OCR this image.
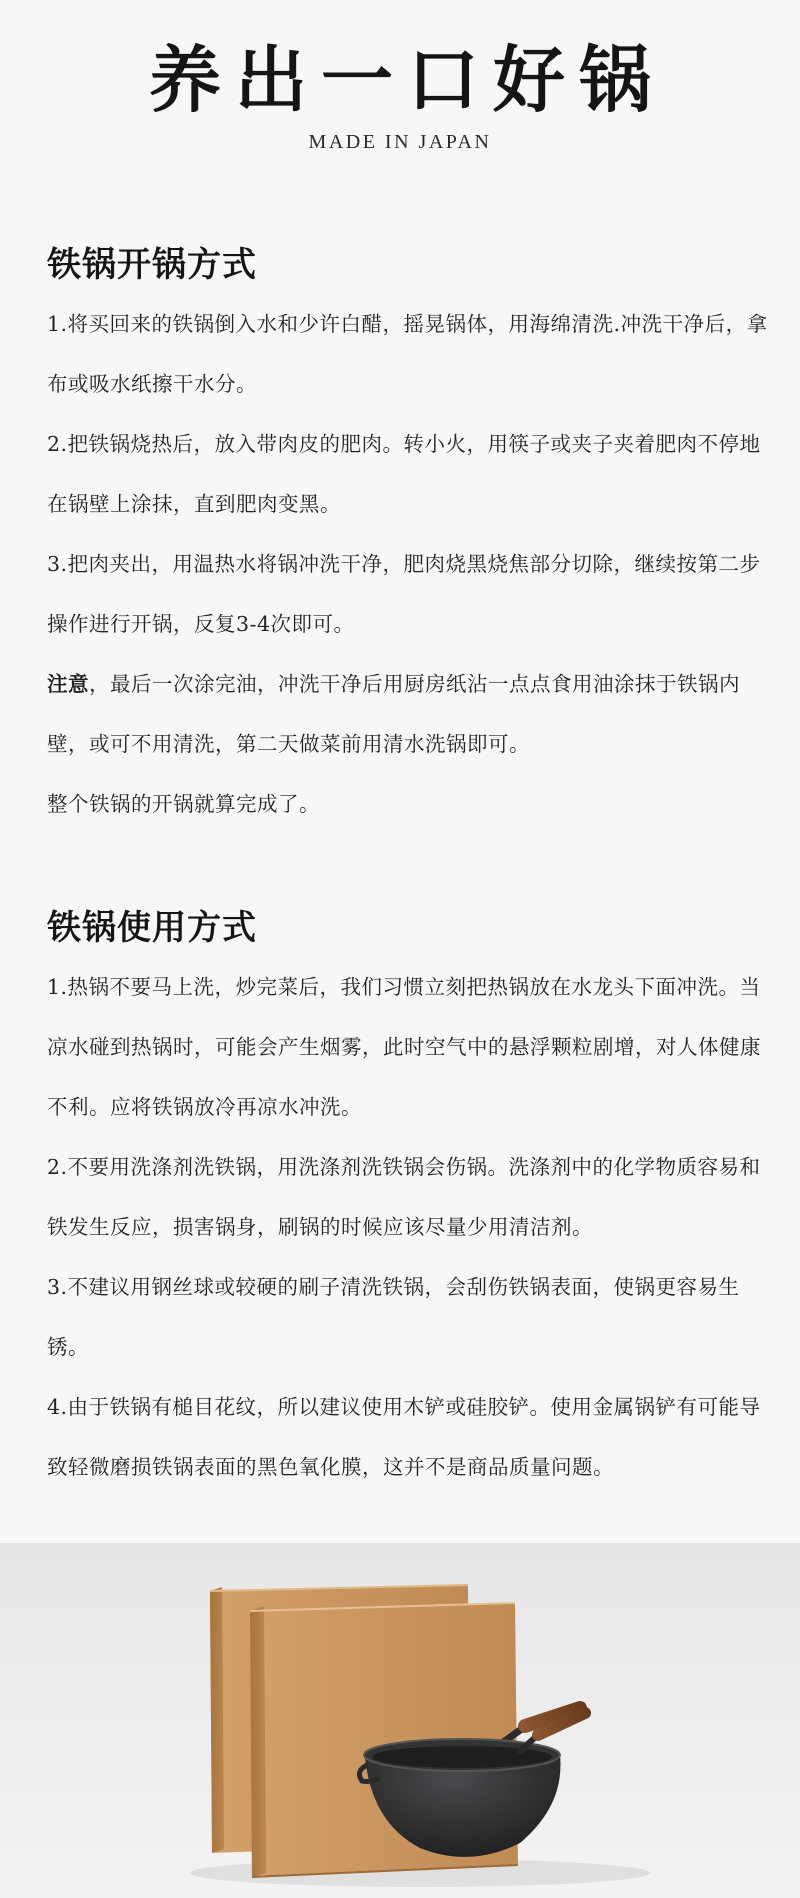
养出一口好锅
MADE IN JAPAN
铁锅开锅方式

1.将买回来的铁锅倒入水和少许白醋，摇晃锅体，用海绵清洗.冲洗干净后，拿布或吸水纸擦干水分。

2.把铁锅烧热后，放入带肉皮的肥肉。转小火，用筷子或夹子夹着肥肉不停地在锅壁上涂抹，直到肥肉变黑。

3.把肉夹出，用温热水将锅冲洗干净，肥肉烧黑烧焦部分切除，继续按第二步操作进行开锅，反复3-4次即可。

注意，最后一次涂完油，冲洗干净后用厨房纸沾一点点食用油涂抹于铁锅内壁，或可不用清洗，第二天做菜前用清水洗锅即可。

整个铁锅的开锅就算完成了。

铁锅使用方式

1.热锅不要马上洗，炒完菜后，我们习惯立刻把热锅放在水龙头下面冲洗。当凉水碰到热锅时，可能会产生烟雾，此时空气中的悬浮颗粒剧增，对人体健康不利。应将铁锅放冷再凉水冲洗。

2.不要用洗涤剂洗铁锅，用洗涤剂洗铁锅会伤锅。洗涤剂中的化学物质容易和铁发生反应，损害锅身，刷锅的时候应该尽量少用清洁剂。

3.不建议用钢丝球或较硬的刷子清洗铁锅，会刮伤铁锅表面，使锅更容易生锈。

4.由于铁锅有槌目花纹，所以建议使用木铲或硅胶铲。使用金属锅铲有可能导致轻微磨损铁锅表面的黑色氧化膜，这并不是商品质量问题。
